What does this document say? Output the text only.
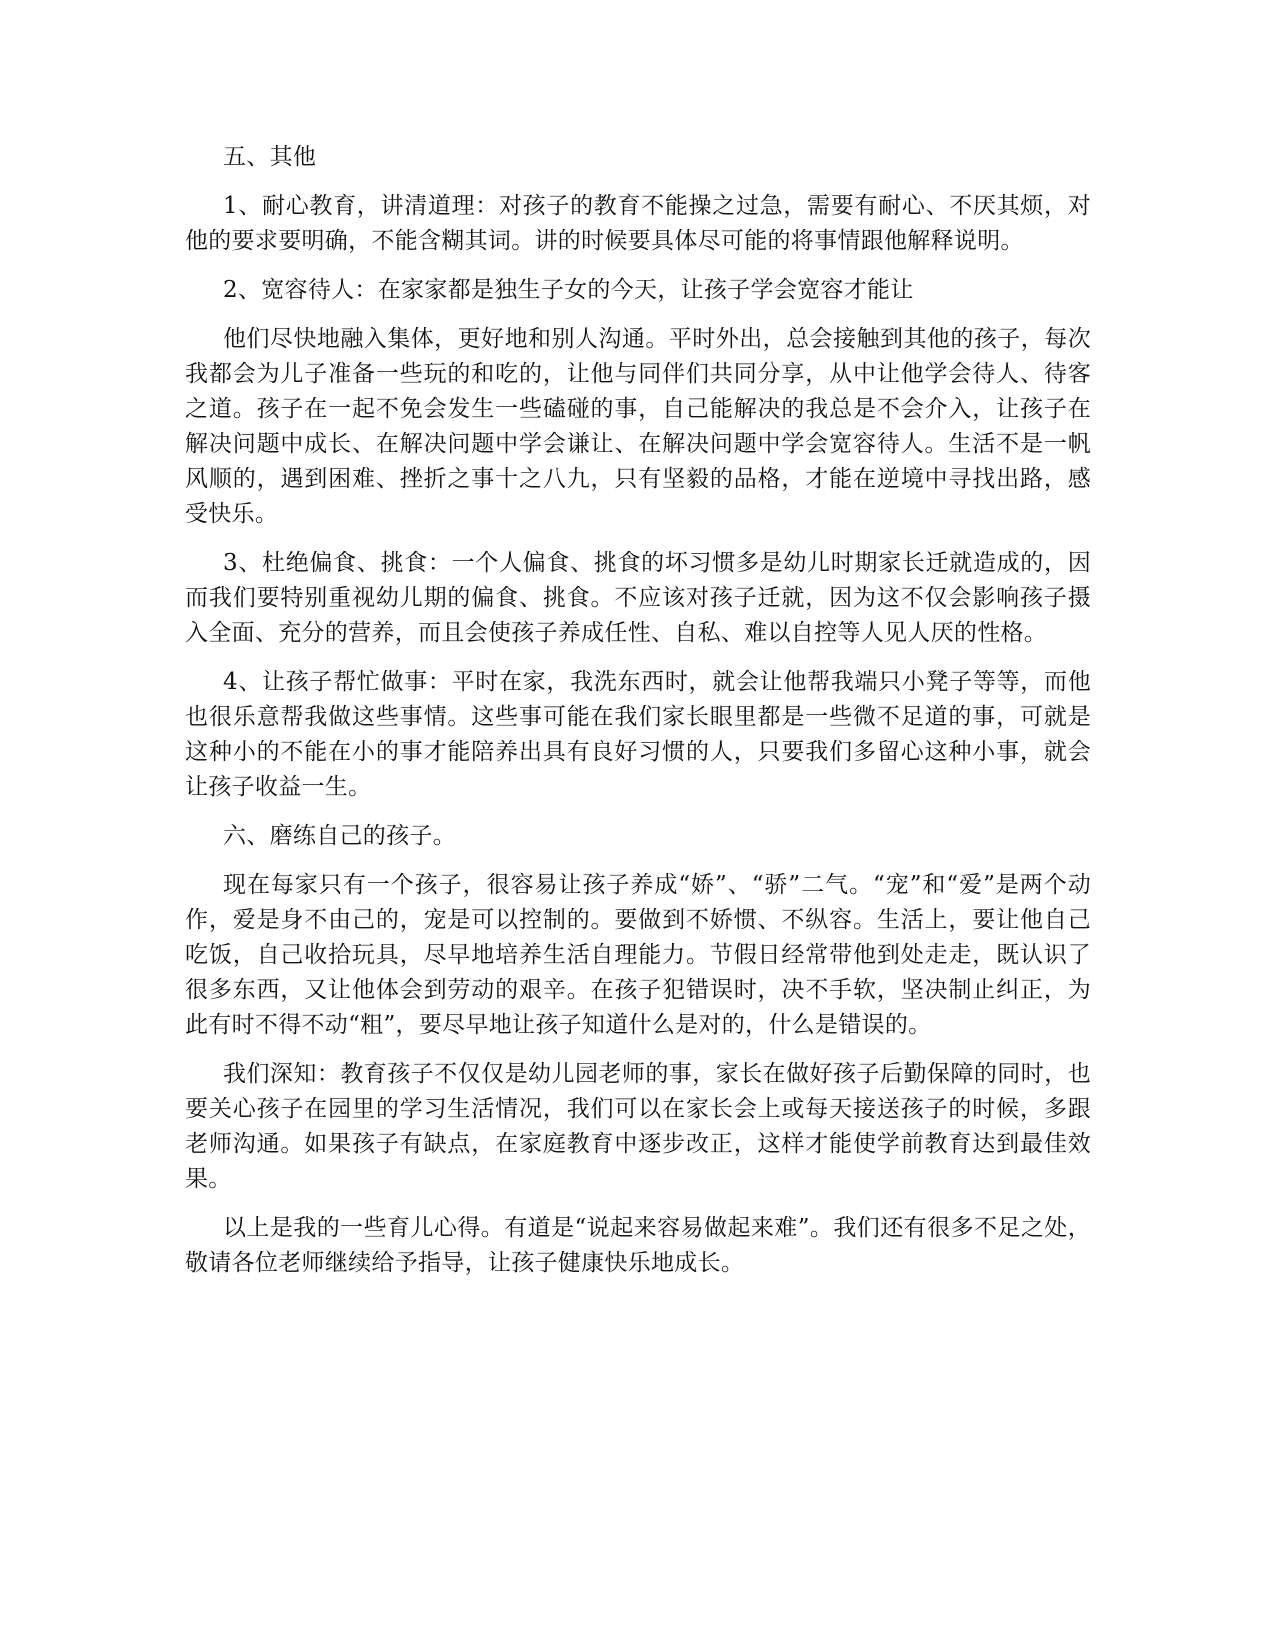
五、其他

1、耐心教育，讲清道理：对孩子的教育不能操之过急，需要有耐心、不厌其烦，对他的要求要明确，不能含糊其词。讲的时候要具体尽可能的将事情跟他解释说明。

2、宽容待人：在家家都是独生子女的今天，让孩子学会宽容才能让

他们尽快地融入集体，更好地和别人沟通。平时外出，总会接触到其他的孩子，每次我都会为儿子准备一些玩的和吃的，让他与同伴们共同分享，从中让他学会待人、待客之道。孩子在一起不免会发生一些磕碰的事，自己能解决的我总是不会介入，让孩子在解决问题中成长、在解决问题中学会谦让、在解决问题中学会宽容待人。生活不是一帆风顺的，遇到困难、挫折之事十之八九，只有坚毅的品格，才能在逆境中寻找出路，感受快乐。

3、杜绝偏食、挑食：一个人偏食、挑食的坏习惯多是幼儿时期家长迁就造成的，因而我们要特别重视幼儿期的偏食、挑食。不应该对孩子迁就，因为这不仅会影响孩子摄入全面、充分的营养，而且会使孩子养成任性、自私、难以自控等人见人厌的性格。

4、让孩子帮忙做事：平时在家，我洗东西时，就会让他帮我端只小凳子等等，而他也很乐意帮我做这些事情。这些事可能在我们家长眼里都是一些微不足道的事，可就是这种小的不能在小的事才能陪养出具有良好习惯的人，只要我们多留心这种小事，就会让孩子收益一生。

六、磨练自己的孩子。

现在每家只有一个孩子，很容易让孩子养成“娇”、“骄”二气。“宠”和“爱”是两个动作，爱是身不由己的，宠是可以控制的。要做到不娇惯、不纵容。生活上，要让他自己吃饭，自己收拾玩具，尽早地培养生活自理能力。节假日经常带他到处走走，既认识了很多东西，又让他体会到劳动的艰辛。在孩子犯错误时，决不手软，坚决制止纠正，为此有时不得不动“粗”，要尽早地让孩子知道什么是对的，什么是错误的。

我们深知：教育孩子不仅仅是幼儿园老师的事，家长在做好孩子后勤保障的同时，也要关心孩子在园里的学习生活情况，我们可以在家长会上或每天接送孩子的时候，多跟老师沟通。如果孩子有缺点，在家庭教育中逐步改正，这样才能使学前教育达到最佳效果。

以上是我的一些育儿心得。有道是“说起来容易做起来难”。我们还有很多不足之处，敬请各位老师继续给予指导，让孩子健康快乐地成长。
